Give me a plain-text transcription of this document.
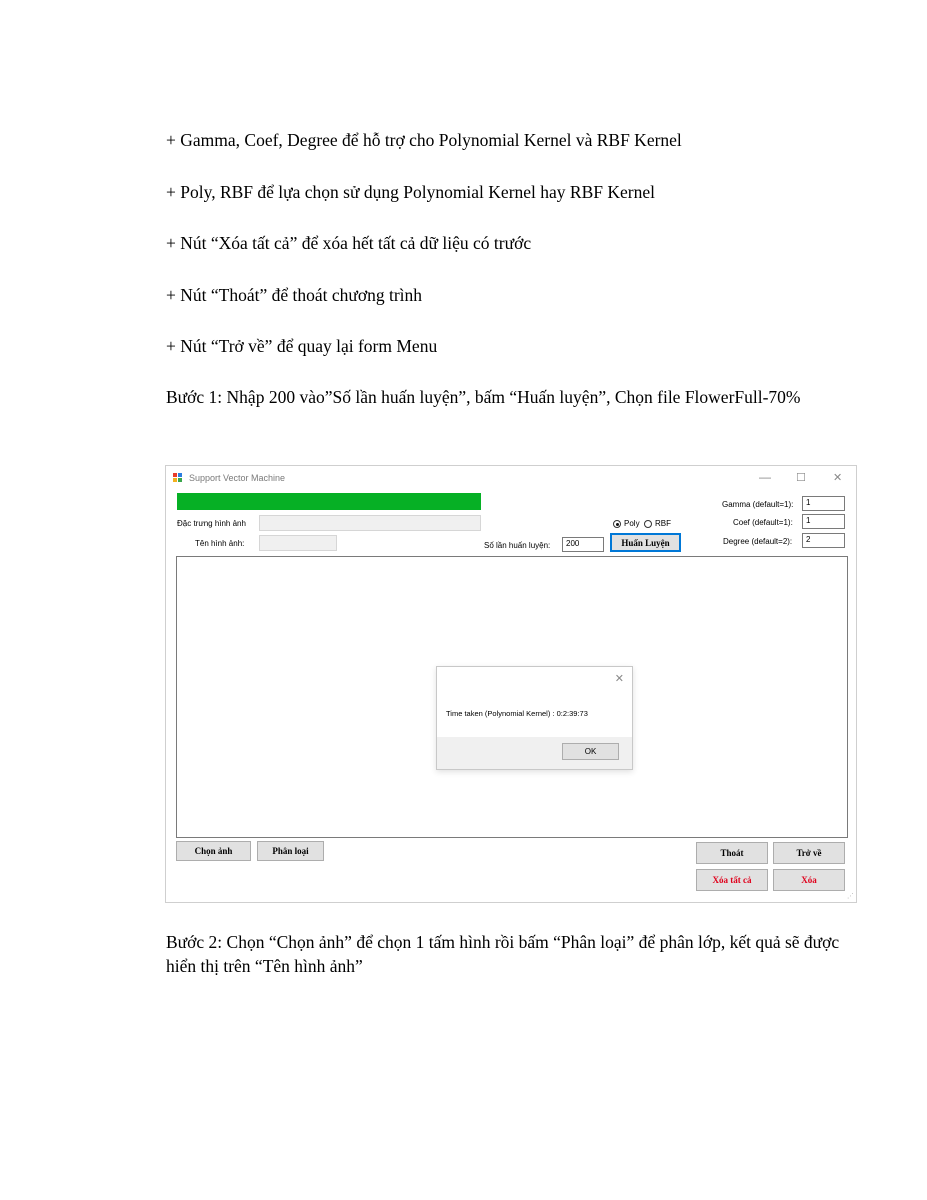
+ Gamma, Coef, Degree để hỗ trợ cho Polynomial Kernel và RBF Kernel

+ Poly, RBF để lựa chọn sử dụng Polynomial Kernel hay RBF Kernel

+ Nút “Xóa tất cả” để xóa hết tất cả dữ liệu có trước

+ Nút “Thoát” để thoát chương trình

+ Nút “Trở về” để quay lại form Menu

Bước 1: Nhập 200 vào”Số lần huấn luyện”, bấm “Huấn luyện”, Chọn file FlowerFull-70%

Support Vector Machine	— ☐ ✕
Đặc trưng hình ảnh
Tên hình ảnh:
Poly RBF
Số lần huấn luyện:	200	Huấn Luyện
Gamma (default=1):	1
Coef (default=1):	1
Degree (default=2):	2
✕
Time taken (Polynomial Kernel) : 0:2:39:73
OK
Chọn ảnh	Phân loại	Thoát	Trở về
Xóa tất cả	Xóa
⋰

Bước 2: Chọn “Chọn ảnh” để chọn 1 tấm hình rồi bấm “Phân loại” để phân lớp, kết quả sẽ được hiển thị trên “Tên hình ảnh”
